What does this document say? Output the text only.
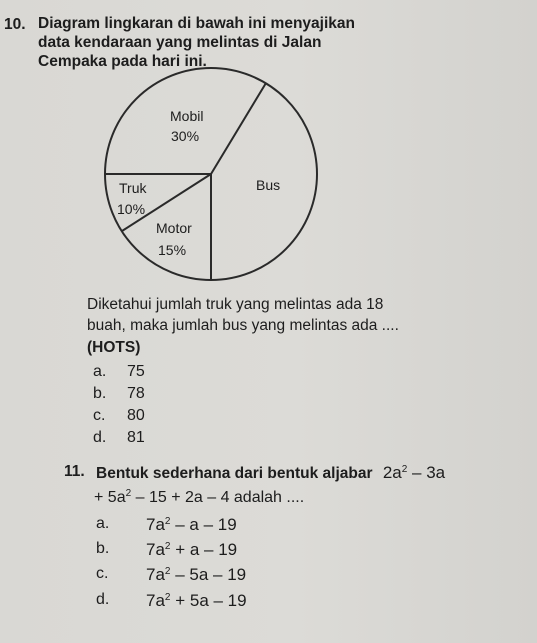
10. Diagram lingkaran di bawah ini menyajikan
data kendaraan yang melintas di Jalan
Cempaka pada hari ini.
Mobil
30%
Truk
10%
Motor
15%
Bus
Diketahui jumlah truk yang melintas ada 18
buah, maka jumlah bus yang melintas ada ....
(HOTS)
a. 75
b. 78
c. 80
d. 81
11. Bentuk sederhana dari bentuk aljabar $2a^2 - 3a$
+ $5a^2 - 15 + 2a - 4$ adalah ....
a. $7a^2$ – a – 19
b. $7a^2 + a - 19$
c. $7a^2 - 5a - 19$
d. $7a^2 + 5a - 19$
